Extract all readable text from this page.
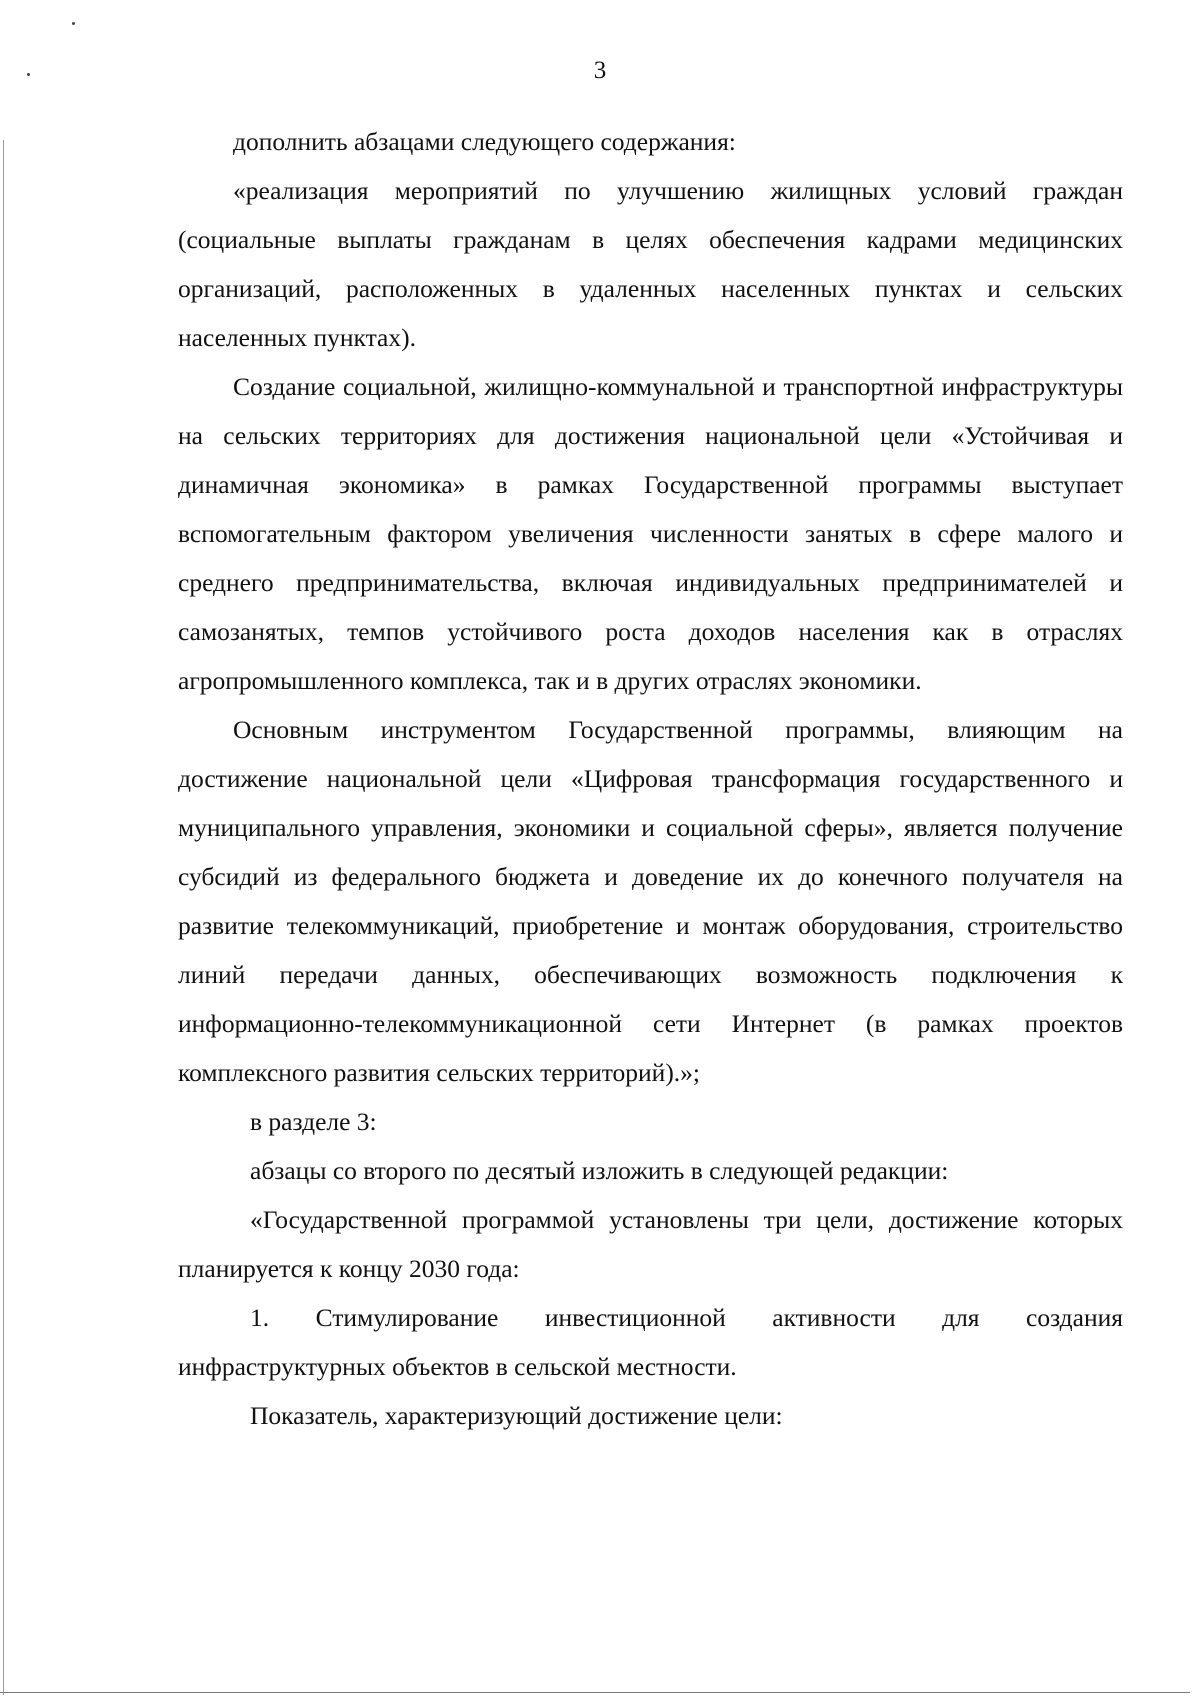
3

дополнить абзацами следующего содержания:

«реализация мероприятий по улучшению жилищных условий граждан (социальные выплаты гражданам в целях обеспечения кадрами медицинских организаций, расположенных в удаленных населенных пунктах и сельских населенных пунктах).

Создание социальной, жилищно-коммунальной и транспортной инфраструктуры на сельских территориях для достижения национальной цели «Устойчивая и динамичная экономика» в рамках Государственной программы выступает вспомогательным фактором увеличения численности занятых в сфере малого и среднего предпринимательства, включая индивидуальных предпринимателей и самозанятых, темпов устойчивого роста доходов населения как в отраслях агропромышленного комплекса, так и в других отраслях экономики.

Основным инструментом Государственной программы, влияющим на достижение национальной цели «Цифровая трансформация государственного и муниципального управления, экономики и социальной сферы», является получение субсидий из федерального бюджета и доведение их до конечного получателя на развитие телекоммуникаций, приобретение и монтаж оборудования, строительство линий передачи данных, обеспечивающих возможность подключения к информационно-телекоммуникационной сети Интернет (в рамках проектов комплексного развития сельских территорий).»;

в разделе 3:

абзацы со второго по десятый изложить в следующей редакции:

«Государственной программой установлены три цели, достижение которых планируется к концу 2030 года:

1. Стимулирование инвестиционной активности для создания инфраструктурных объектов в сельской местности.

Показатель, характеризующий достижение цели:
